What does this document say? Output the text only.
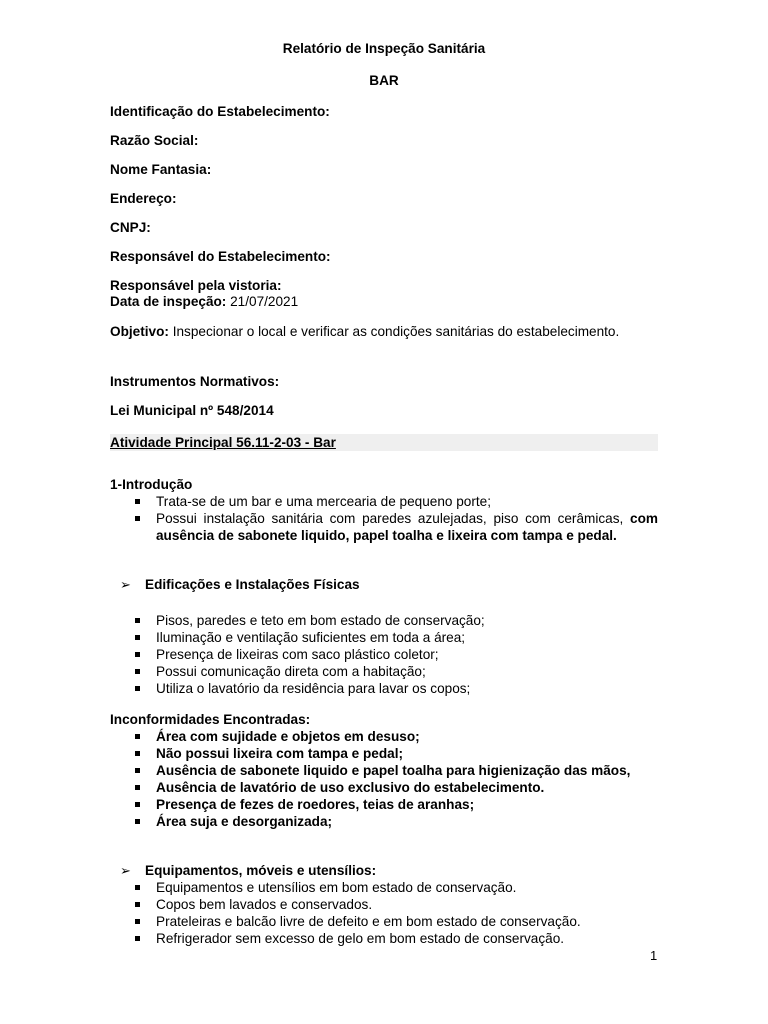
Relatório de Inspeção Sanitária
BAR
Identificação do Estabelecimento:
Razão Social:
Nome Fantasia:
Endereço:
CNPJ:
Responsável do Estabelecimento:
Responsável pela vistoria:
Data de inspeção: 21/07/2021
Objetivo: Inspecionar o local e verificar as condições sanitárias do estabelecimento.
Instrumentos Normativos:
Lei Municipal nº 548/2014
Atividade Principal 56.11-2-03 - Bar
1-Introdução
Trata-se de um bar e uma mercearia de pequeno porte;
Possui instalação sanitária com paredes azulejadas, piso com cerâmicas, com ausência de sabonete liquido, papel toalha e lixeira com tampa e pedal.
➢ Edificações e Instalações Físicas
Pisos, paredes e teto em bom estado de conservação;
Iluminação e ventilação suficientes em toda a área;
Presença de lixeiras com saco plástico coletor;
Possui comunicação direta com a habitação;
Utiliza o lavatório da residência para lavar os copos;
Inconformidades Encontradas:
Área com sujidade e objetos em desuso;
Não possui lixeira com tampa e pedal;
Ausência de sabonete liquido e papel toalha para higienização das mãos,
Ausência de lavatório de uso exclusivo do estabelecimento.
Presença de fezes de roedores, teias de aranhas;
Área suja e desorganizada;
➢ Equipamentos, móveis e utensílios:
Equipamentos e utensílios em bom estado de conservação.
Copos bem lavados e conservados.
Prateleiras e balcão livre de defeito e em bom estado de conservação.
Refrigerador sem excesso de gelo em bom estado de conservação.
1
